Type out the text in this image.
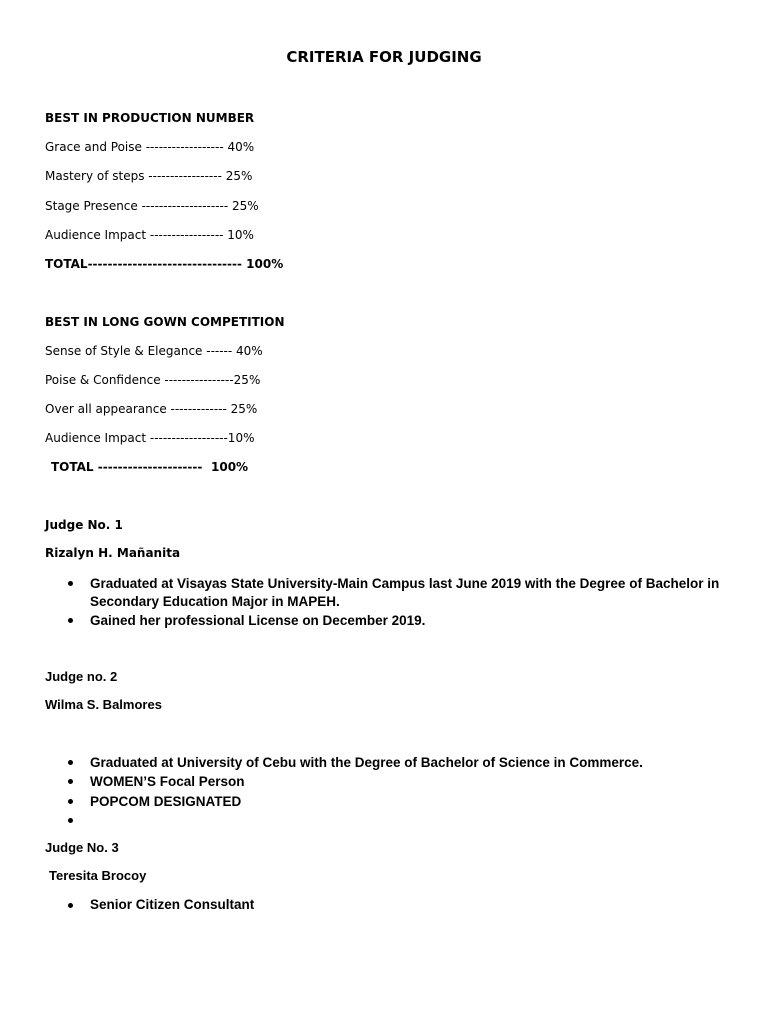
CRITERIA FOR JUDGING
BEST IN PRODUCTION NUMBER
Grace and Poise ------------------ 40%
Mastery of steps ----------------- 25%
Stage Presence -------------------- 25%
Audience Impact ----------------- 10%
TOTAL------------------------------- 100%
BEST IN LONG GOWN COMPETITION
Sense of Style & Elegance ------ 40%
Poise & Confidence ----------------25%
Over all appearance ------------- 25%
Audience Impact ------------------10%
TOTAL --------------------- 100%
Judge No. 1
Rizalyn H. Mañanita
Graduated at Visayas State University-Main Campus last June 2019 with the Degree of Bachelor in Secondary Education Major in MAPEH.
Gained her professional License on December 2019.
Judge no. 2
Wilma S. Balmores
Graduated at University of Cebu with the Degree of Bachelor of Science in Commerce.
WOMEN’S Focal Person
POPCOM DESIGNATED
Judge No. 3
Teresita Brocoy
Senior Citizen Consultant
